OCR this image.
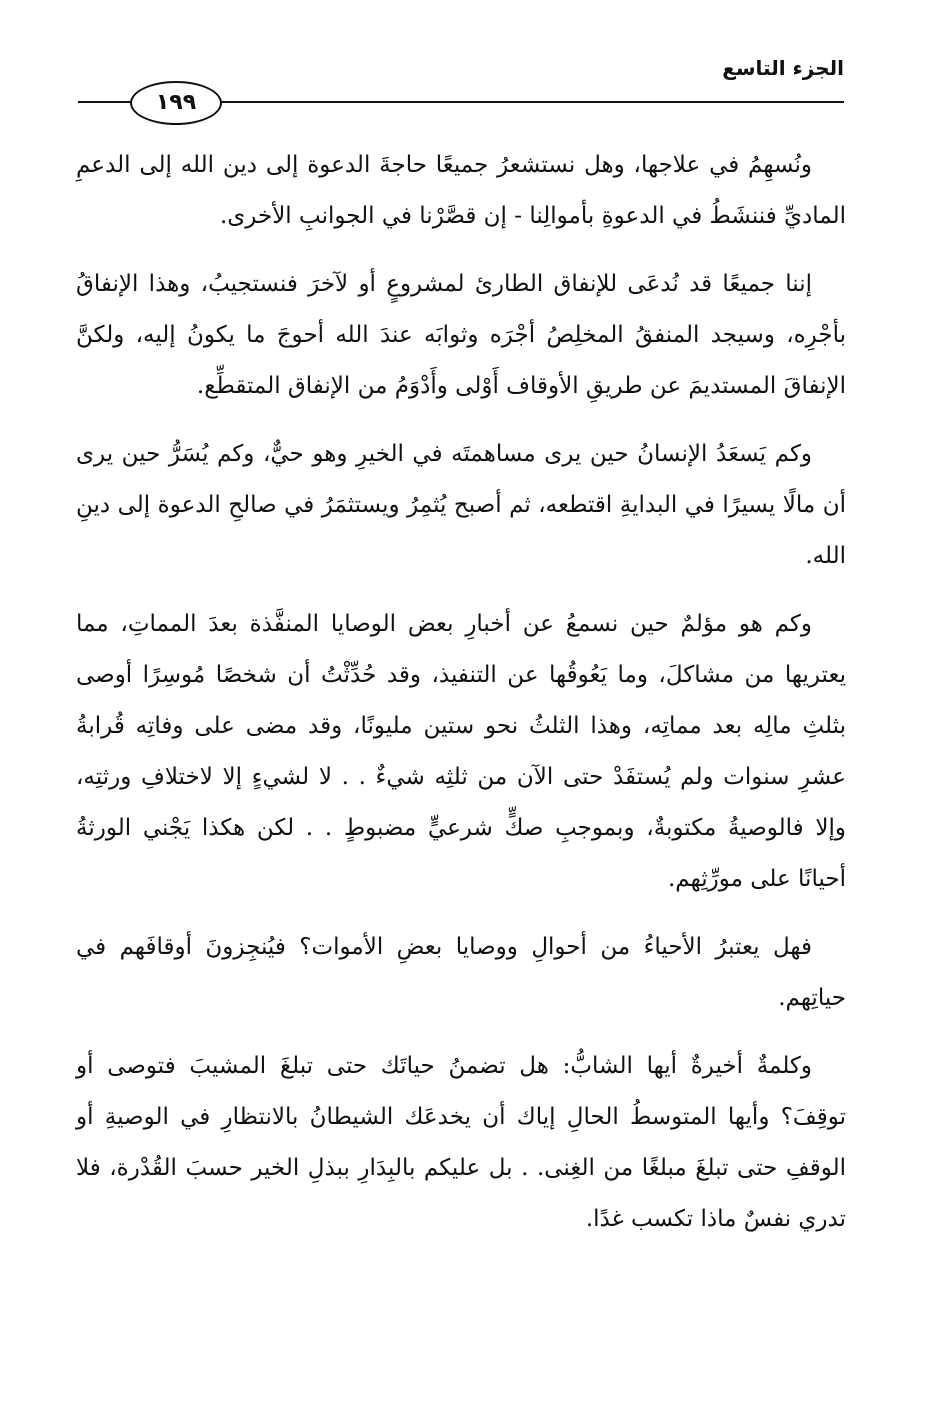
الجزء التاسع
١٩٩

ونُسهِمُ في علاجها، وهل نستشعرُ جميعًا حاجةَ الدعوة إلى دين الله إلى الدعمِ الماديِّ فننشَطُ في الدعوةِ بأموالِنا - إن قصَّرْنا في الجوانبِ الأخرى.

إننا جميعًا قد نُدعَى للإنفاق الطارئ لمشروعٍ أو لآخرَ فنستجيبُ، وهذا الإنفاقُ بأجْرِه، وسيجد المنفقُ المخلِصُ أجْرَه وثوابَه عندَ الله أحوجَ ما يكونُ إليه، ولكنَّ الإنفاقَ المستديمَ عن طريقِ الأوقاف أَوْلى وأَدْوَمُ من الإنفاق المتقطِّع.

وكم يَسعَدُ الإنسانُ حين يرى مساهمتَه في الخيرِ وهو حيٌّ، وكم يُسَرُّ حين يرى أن مالًا يسيرًا في البدايةِ اقتطعه، ثم أصبح يُثمِرُ ويستثمَرُ في صالحِ الدعوة إلى دينِ الله.

وكم هو مؤلمٌ حين نسمعُ عن أخبارِ بعض الوصايا المنفَّذة بعدَ المماتِ، مما يعتريها من مشاكلَ، وما يَعُوقُها عن التنفيذ، وقد حُدِّثْتُ أن شخصًا مُوسِرًا أوصى بثلثِ مالِه بعد مماتِه، وهذا الثلثُ نحو ستين مليونًا، وقد مضى على وفاتِه قُرابةُ عشرِ سنوات ولم يُستفَدْ حتى الآن من ثلثِه شيءٌ . . لا لشيءٍ إلا لاختلافِ ورثتِه، وإلا فالوصيةُ مكتوبةٌ، وبموجبِ صكٍّ شرعيٍّ مضبوطٍ . . لكن هكذا يَجْني الورثةُ أحيانًا على مورِّثِهم.

فهل يعتبرُ الأحياءُ من أحوالِ ووصايا بعضِ الأموات؟ فيُنجِزونَ أوقافَهم في حياتِهم.

وكلمةٌ أخيرةٌ أيها الشابُّ: هل تضمنُ حياتَك حتى تبلغَ المشيبَ فتوصى أو توقِفَ؟ وأيها المتوسطُ الحالِ إياك أن يخدعَك الشيطانُ بالانتظارِ في الوصيةِ أو الوقفِ حتى تبلغَ مبلغًا من الغِنى. . بل عليكم بالبِدَارِ ببذلِ الخير حسبَ القُدْرة، فلا تدري نفسٌ ماذا تكسب غدًا.
